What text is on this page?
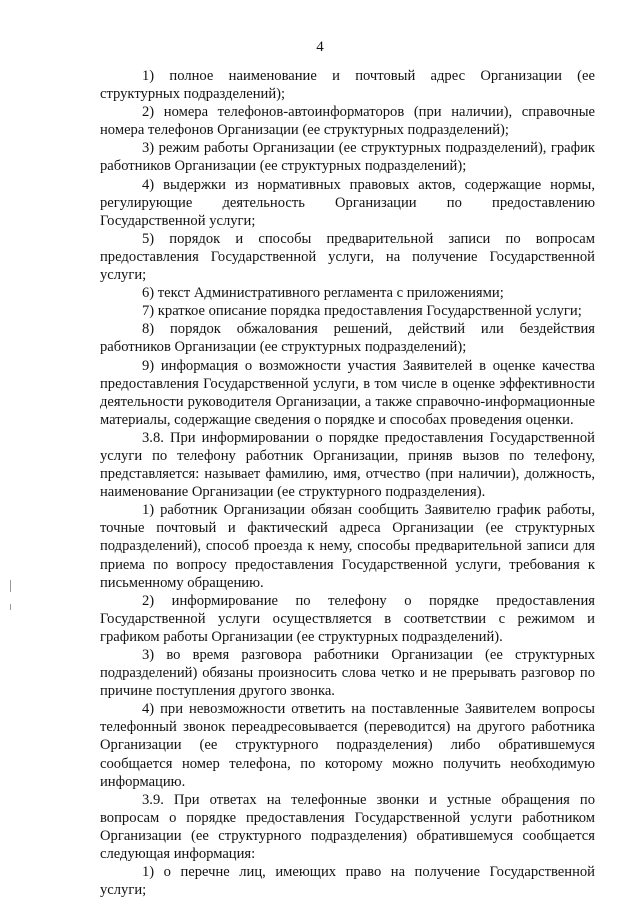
4

1) полное наименование и почтовый адрес Организации (ее структурных подразделений);

2) номера телефонов-автоинформаторов (при наличии), справочные номера телефонов Организации (ее структурных подразделений);

3) режим работы Организации (ее структурных подразделений), график работников Организации (ее структурных подразделений);

4) выдержки из нормативных правовых актов, содержащие нормы, регулирующие деятельность Организации по предоставлению Государственной услуги;

5) порядок и способы предварительной записи по вопросам предоставления Государственной услуги, на получение Государственной услуги;

6) текст Административного регламента с приложениями;

7) краткое описание порядка предоставления Государственной услуги;

8) порядок обжалования решений, действий или бездействия работников Организации (ее структурных подразделений);

9) информация о возможности участия Заявителей в оценке качества предоставления Государственной услуги, в том числе в оценке эффективности деятельности руководителя Организации, а также справочно-информационные материалы, содержащие сведения о порядке и способах проведения оценки.

3.8. При информировании о порядке предоставления Государственной услуги по телефону работник Организации, приняв вызов по телефону, представляется: называет фамилию, имя, отчество (при наличии), должность, наименование Организации (ее структурного подразделения).

1) работник Организации обязан сообщить Заявителю график работы, точные почтовый и фактический адреса Организации (ее структурных подразделений), способ проезда к нему, способы предварительной записи для приема по вопросу предоставления Государственной услуги, требования к письменному обращению.

2) информирование по телефону о порядке предоставления Государственной услуги осуществляется в соответствии с режимом и графиком работы Организации (ее структурных подразделений).

3) во время разговора работники Организации (ее структурных подразделений) обязаны произносить слова четко и не прерывать разговор по причине поступления другого звонка.

4) при невозможности ответить на поставленные Заявителем вопросы телефонный звонок переадресовывается (переводится) на другого работника Организации (ее структурного подразделения) либо обратившемуся сообщается номер телефона, по которому можно получить необходимую информацию.

3.9. При ответах на телефонные звонки и устные обращения по вопросам о порядке предоставления Государственной услуги работником Организации (ее структурного подразделения) обратившемуся сообщается следующая информация:

1) о перечне лиц, имеющих право на получение Государственной услуги;
